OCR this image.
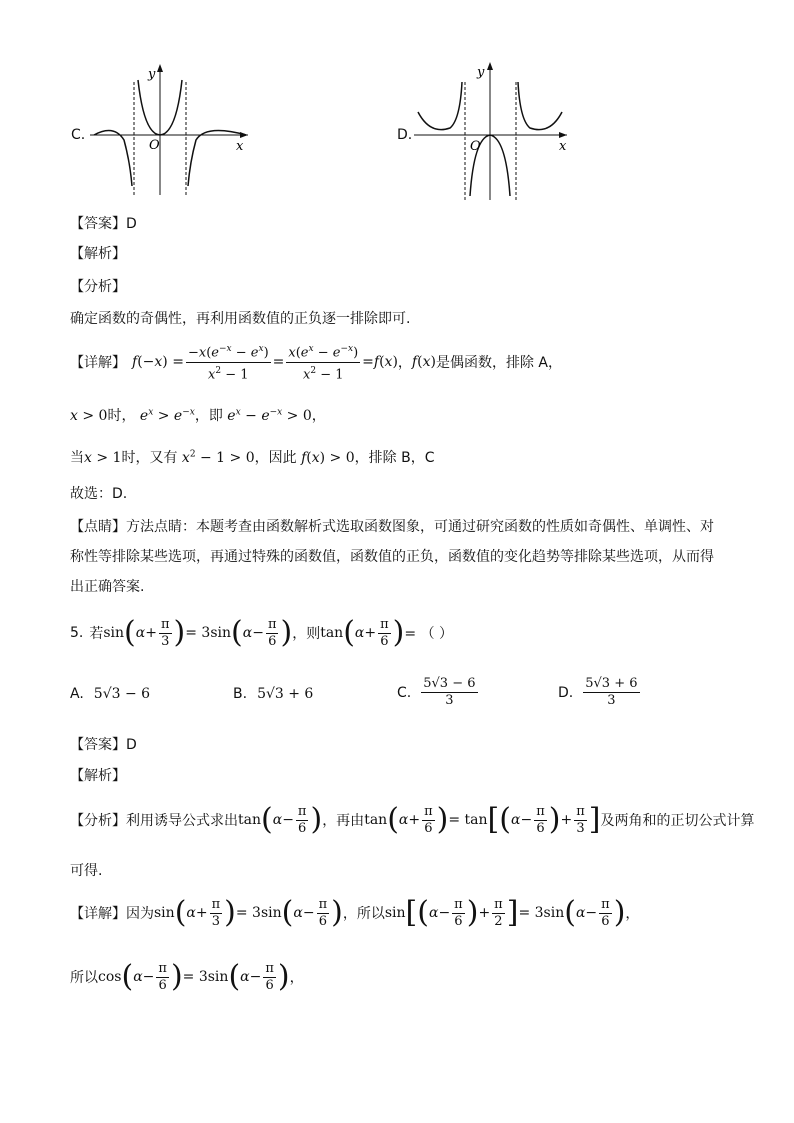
C.
O	x
y
D.
O	x
y
【答案】D
【解析】
【分析】
确定函数的奇偶性，再利用函数值的正负逐一排除即可.
【详解】 f (− x ) = $\frac{-x(e^{-x} - e^x)}{x^2 - 1} = \frac{x(e^x - e^{-x})}{x^2 - 1} = f$ ( x ) ， f ( x ) 是偶函数，排除 A，
x > 0时， $e^x > e^{-x}$，即 $e^x - e^{-x} > 0$，
当x > 1时，又有 $x^2 - 1 > 0$，因此 f(x) > 0，排除 B，C
故选：D.
【点睛】方法点睛：本题考查由函数解析式选取函数图象，可通过研究函数的性质如奇偶性、单调性、对
称性等排除某些选项，再通过特殊的函数值，函数值的正负，函数值的变化趋势等排除某些选项，从而得
出正确答案.
5. 若 sin ( $\alpha + \frac{\pi}{3}$ ) = 3sin ( $\alpha - \frac{\pi}{6}$ ) ，则 tan ( $\alpha + \frac{\pi}{6}$ ) = （ ）
A. 5√3 − 6	B. 5√3 + 6	C. $\frac{5√3 - 6}{3}$	D. $\frac{5√3 + 6}{3}$
【答案】D
【解析】
【分析】 利用诱导公式求出 tan ( $\alpha - \frac{\pi}{6}$ ) ，再由 tan ( $\alpha + \frac{\pi}{6}$ ) = tan [ ( $\alpha - \frac{\pi}{6}$ ) + $\frac{\pi}{3}$ ] 及两角和的正切公式计算
可得.
【详解】 因为 sin ( $\alpha + \frac{\pi}{3}$ ) = 3sin ( $\alpha - \frac{\pi}{6}$ ) ，所以 sin [ ( $\alpha - \frac{\pi}{6}$ ) + $\frac{\pi}{2}$ ] = 3sin ( $\alpha - \frac{\pi}{6}$ ) ，
所以 cos ( $\alpha - \frac{\pi}{6}$ ) = 3sin ( $\alpha - \frac{\pi}{6}$ ) ，
